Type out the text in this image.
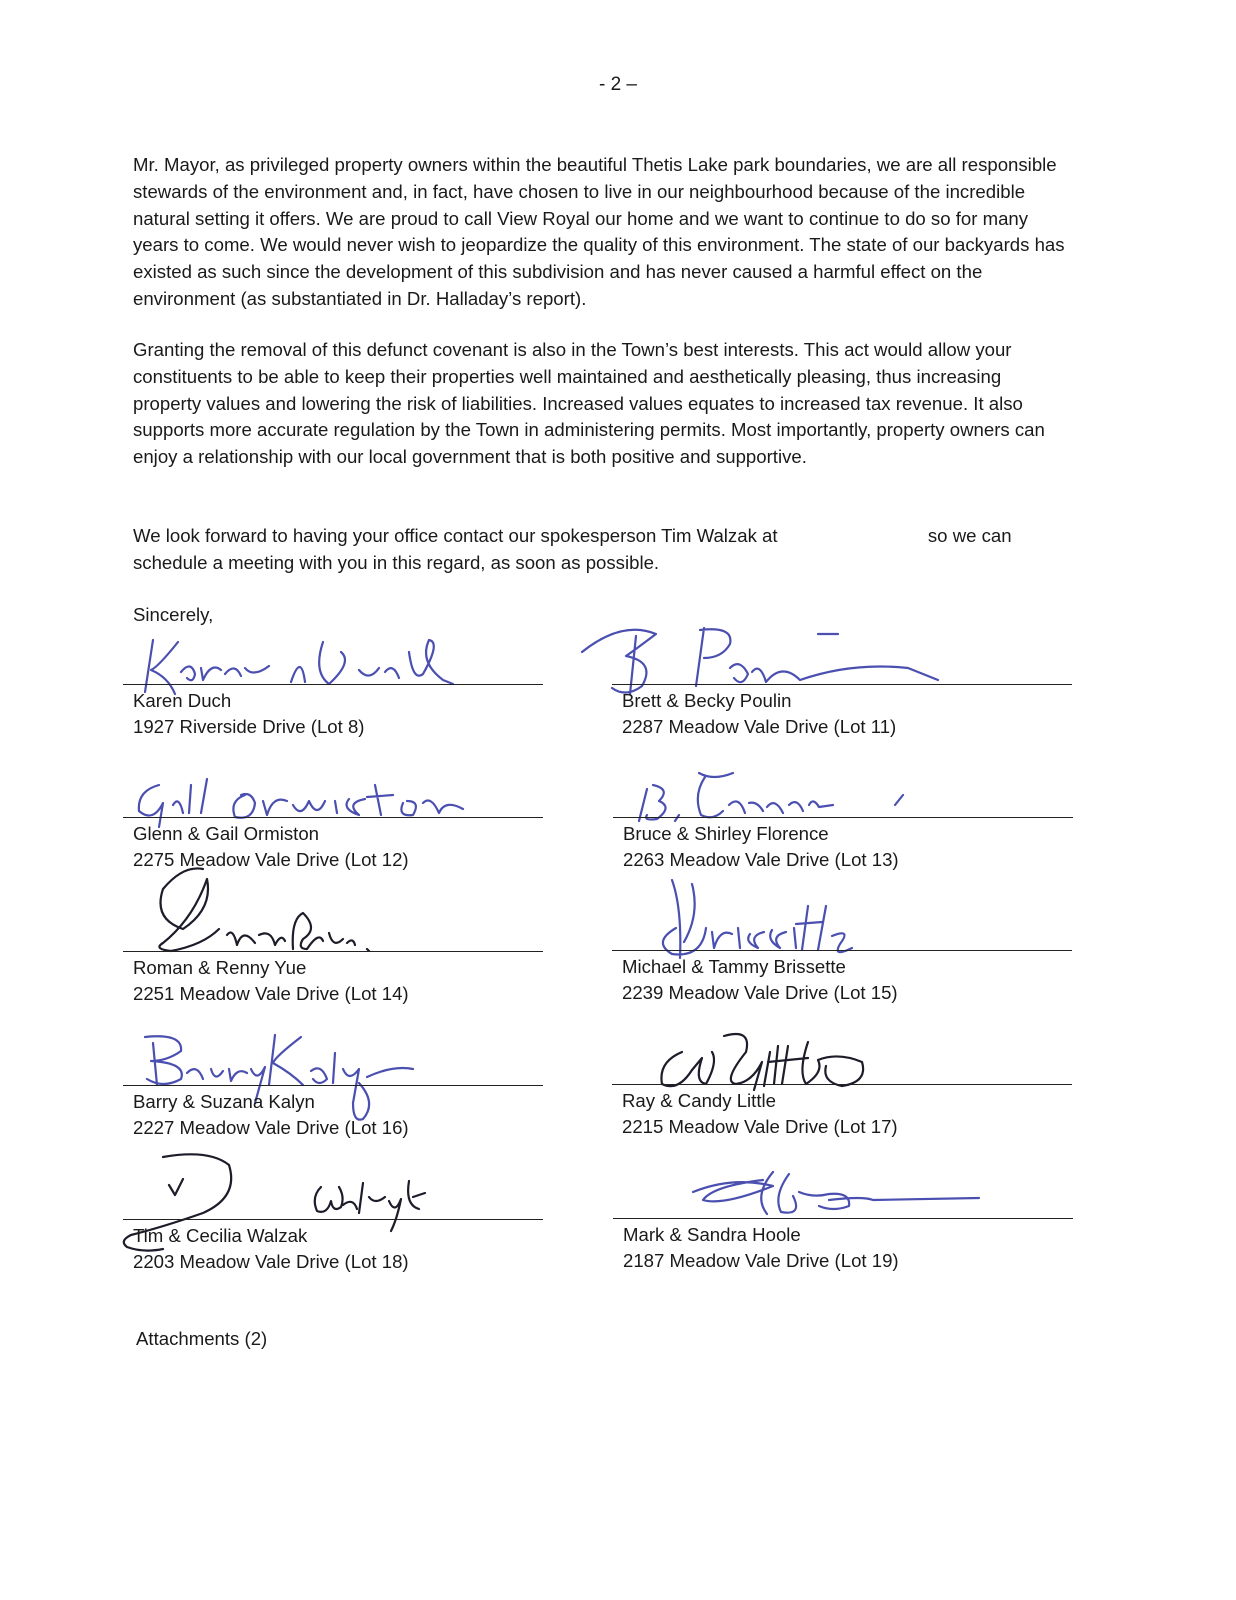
- 2 –

Mr. Mayor, as privileged property owners within the beautiful Thetis Lake park boundaries, we are all responsible stewards of the environment and, in fact, have chosen to live in our neighbourhood because of the incredible natural setting it offers. We are proud to call View Royal our home and we want to continue to do so for many years to come. We would never wish to jeopardize the quality of this environment. The state of our backyards has existed as such since the development of this subdivision and has never caused a harmful effect on the environment (as substantiated in Dr. Halladay’s report).

Granting the removal of this defunct covenant is also in the Town’s best interests. This act would allow your constituents to be able to keep their properties well maintained and aesthetically pleasing, thus increasing property values and lowering the risk of liabilities. Increased values equates to increased tax revenue. It also supports more accurate regulation by the Town in administering permits. Most importantly, property owners can enjoy a relationship with our local government that is both positive and supportive.

We look forward to having your office contact our spokesperson Tim Walzak at	so we can schedule a meeting with you in this regard, as soon as possible.

Sincerely,
Karen Duch
1927 Riverside Drive (Lot 8)
Brett & Becky Poulin
2287 Meadow Vale Drive (Lot 11)
Glenn & Gail Ormiston
2275 Meadow Vale Drive (Lot 12)
Bruce & Shirley Florence
2263 Meadow Vale Drive (Lot 13)
Roman & Renny Yue
2251 Meadow Vale Drive (Lot 14)
Michael & Tammy Brissette
2239 Meadow Vale Drive (Lot 15)
Barry & Suzana Kalyn
2227 Meadow Vale Drive (Lot 16)
Ray & Candy Little
2215 Meadow Vale Drive (Lot 17)
Tim & Cecilia Walzak
2203 Meadow Vale Drive (Lot 18)
Mark & Sandra Hoole
2187 Meadow Vale Drive (Lot 19)
Attachments (2)
